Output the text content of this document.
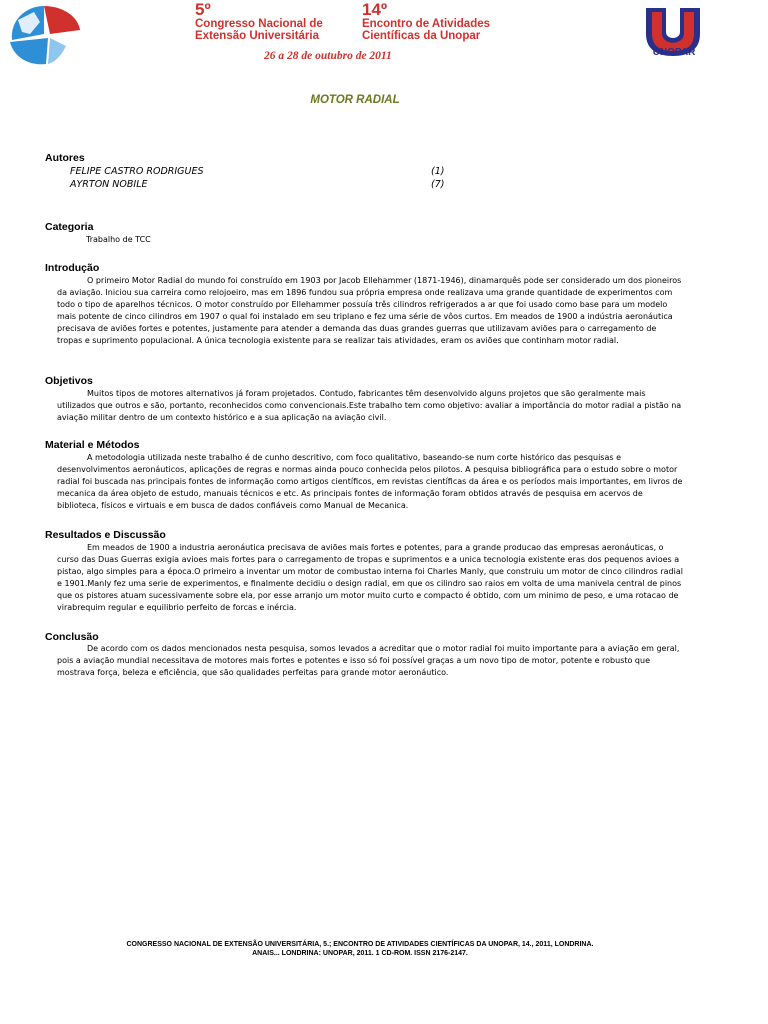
5º
Congresso Nacional de
Extensão Universitária
14º
Encontro de Atividades
Científicas da Unopar
26 a 28 de outubro de 2011	UNOPAR
MOTOR RADIAL
Autores
FELIPE CASTRO RODRIGUES	(1)
AYRTON NOBILE	(7)
Categoria
Trabalho de TCC
Introdução

O primeiro Motor Radial do mundo foi construído em 1903 por Jacob Ellehammer (1871-1946), dinamarquês pode ser considerado um dos pioneiros da aviação. Iniciou sua carreira como relojoeiro, mas em 1896 fundou sua própria empresa onde realizava uma grande quantidade de experimentos com todo o tipo de aparelhos técnicos. O motor construído por Ellehammer possuía três cilindros refrigerados a ar que foi usado como base para um modelo mais potente de cinco cilindros em 1907 o qual foi instalado em seu triplano e fez uma série de vôos curtos. Em meados de 1900 a indústria aeronáutica precisava de aviões fortes e potentes, justamente para atender a demanda das duas grandes guerras que utilizavam aviões para o carregamento de tropas e suprimento populacional. A única tecnologia existente para se realizar tais atividades, eram os aviões que continham motor radial.

Objetivos

Muitos tipos de motores alternativos já foram projetados. Contudo, fabricantes têm desenvolvido alguns projetos que são geralmente mais utilizados que outros e são, portanto, reconhecidos como convencionais.Este trabalho tem como objetivo: avaliar a importância do motor radial a pistão na aviação militar dentro de um contexto histórico e a sua aplicação na aviação civil.

Material e Métodos

A metodologia utilizada neste trabalho é de cunho descritivo, com foco qualitativo, baseando-se num corte histórico das pesquisas e desenvolvimentos aeronáuticos, aplicações de regras e normas ainda pouco conhecida pelos pilotos. A pesquisa bibliográfica para o estudo sobre o motor radial foi buscada nas principais fontes de informação como artigos científicos, em revistas científicas da área e os períodos mais importantes, em livros de mecanica da área objeto de estudo, manuais técnicos e etc. As principais fontes de informação foram obtidos através de pesquisa em acervos de biblioteca, físicos e virtuais e em busca de dados confiáveis como Manual de Mecanica.

Resultados e Discussão

Em meados de 1900 a industria aeronáutica precisava de aviões mais fortes e potentes, para a grande producao das empresas aeronáuticas, o curso das Duas Guerras exigia avioes mais fortes para o carregamento de tropas e suprimentos e a unica tecnologia existente eras dos pequenos avioes a pistao, algo simples para a época.O primeiro a inventar um motor de combustao interna foi Charles Manly, que construiu um motor de cinco cilindros radial e 1901.Manly fez uma serie de experimentos, e finalmente decidiu o design radial, em que os cilindro sao raios em volta de uma manivela central de pinos que os pistores atuam sucessivamente sobre ela, por esse arranjo um motor muito curto e compacto é obtido, com um minimo de peso, e uma rotacao de virabrequim regular e equilibrio perfeito de forcas e inércia.

Conclusão

De acordo com os dados mencionados nesta pesquisa, somos levados a acreditar que o motor radial foi muito importante para a aviação em geral, pois a aviação mundial necessitava de motores mais fortes e potentes e isso só foi possível graças a um novo tipo de motor, potente e robusto que mostrava força, beleza e eficiência, que são qualidades perfeitas para grande motor aeronáutico.

CONGRESSO NACIONAL DE EXTENSÃO UNIVERSITÁRIA, 5.; ENCONTRO DE ATIVIDADES CIENTÍFICAS DA UNOPAR, 14., 2011, LONDRINA.
ANAIS... LONDRINA: UNOPAR, 2011. 1 CD-ROM. ISSN 2176-2147.
